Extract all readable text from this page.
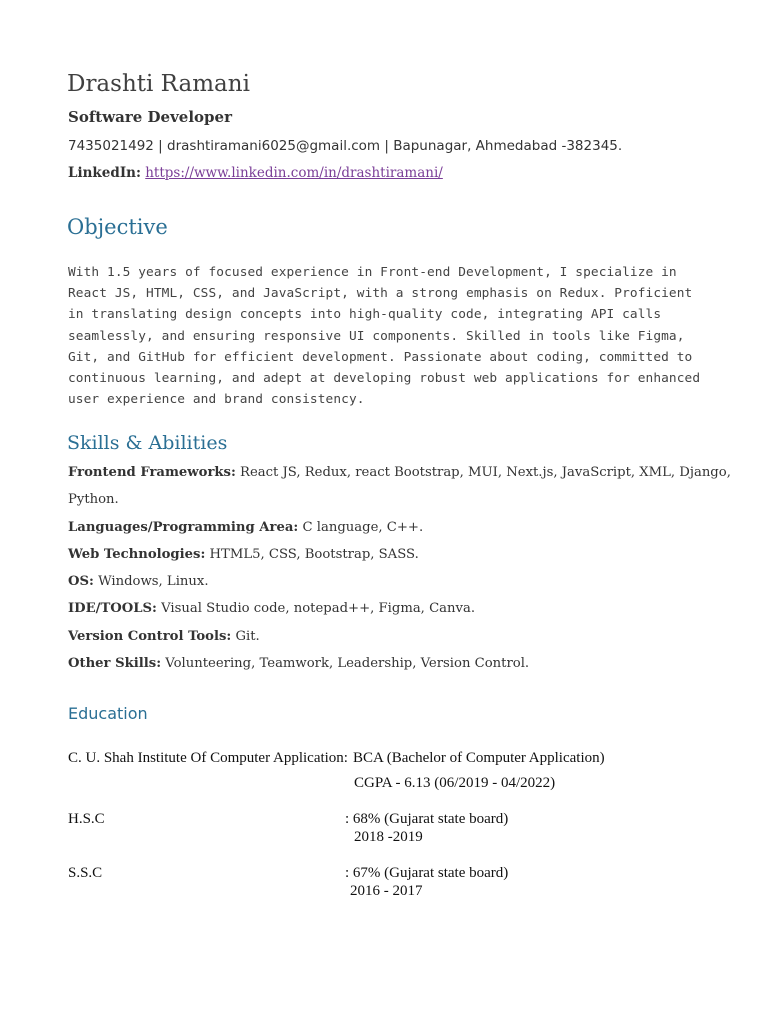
Drashti Ramani
Software Developer
7435021492 | drashtiramani6025@gmail.com | Bapunagar, Ahmedabad -382345.
LinkedIn: https://www.linkedin.com/in/drashtiramani/
Objective
With 1.5 years of focused experience in Front-end Development, I specialize in React JS, HTML, CSS, and JavaScript, with a strong emphasis on Redux. Proficient in translating design concepts into high-quality code, integrating API calls seamlessly, and ensuring responsive UI components. Skilled in tools like Figma, Git, and GitHub for efficient development. Passionate about coding, committed to continuous learning, and adept at developing robust web applications for enhanced user experience and brand consistency.
Skills & Abilities
Frontend Frameworks: React JS, Redux, react Bootstrap, MUI, Next.js, JavaScript, XML, Django,
Python.
Languages/Programming Area: C language, C++.
Web Technologies: HTML5, CSS, Bootstrap, SASS.
OS: Windows, Linux.
IDE/TOOLS: Visual Studio code, notepad++, Figma, Canva.
Version Control Tools: Git.
Other Skills: Volunteering, Teamwork, Leadership, Version Control.
Education
C. U. Shah Institute Of Computer Application: BCA (Bachelor of Computer Application)
CGPA - 6.13 (06/2019 - 04/2022)
H.S.C	: 68% (Gujarat state board)
2018 -2019
S.S.C	: 67% (Gujarat state board)
2016 - 2017
